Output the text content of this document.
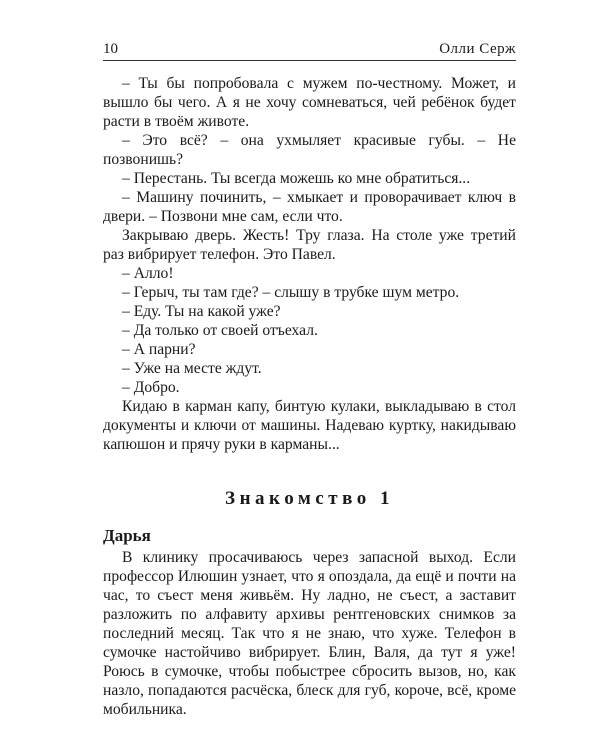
10	Олли Серж

– Ты бы попробовала с мужем по-честному. Может, и вышло бы чего. А я не хочу сомневаться, чей ребёнок будет расти в твоём животе.

– Это всё? – она ухмыляет красивые губы. – Не позвонишь?

– Перестань. Ты всегда можешь ко мне обратиться...

– Машину починить, – хмыкает и проворачивает ключ в двери. – Позвони мне сам, если что.

Закрываю дверь. Жесть! Тру глаза. На столе уже третий раз вибрирует телефон. Это Павел.

– Алло!

– Герыч, ты там где? – слышу в трубке шум метро.

– Еду. Ты на какой уже?

– Да только от своей отъехал.

– А парни?

– Уже на месте ждут.

– Добро.

Кидаю в карман капу, бинтую кулаки, выкладываю в стол документы и ключи от машины. Надеваю куртку, накидываю капюшон и прячу руки в карманы...

Знакомство 1

Дарья

В клинику просачиваюсь через запасной выход. Если профессор Илюшин узнает, что я опоздала, да ещё и почти на час, то съест меня живьём. Ну ладно, не съест, а заставит разложить по алфавиту архивы рентгеновских снимков за последний месяц. Так что я не знаю, что хуже. Телефон в сумочке настойчиво вибрирует. Блин, Валя, да тут я уже! Роюсь в сумочке, чтобы побыстрее сбросить вызов, но, как назло, попадаются расчёска, блеск для губ, короче, всё, кроме мобильника.
